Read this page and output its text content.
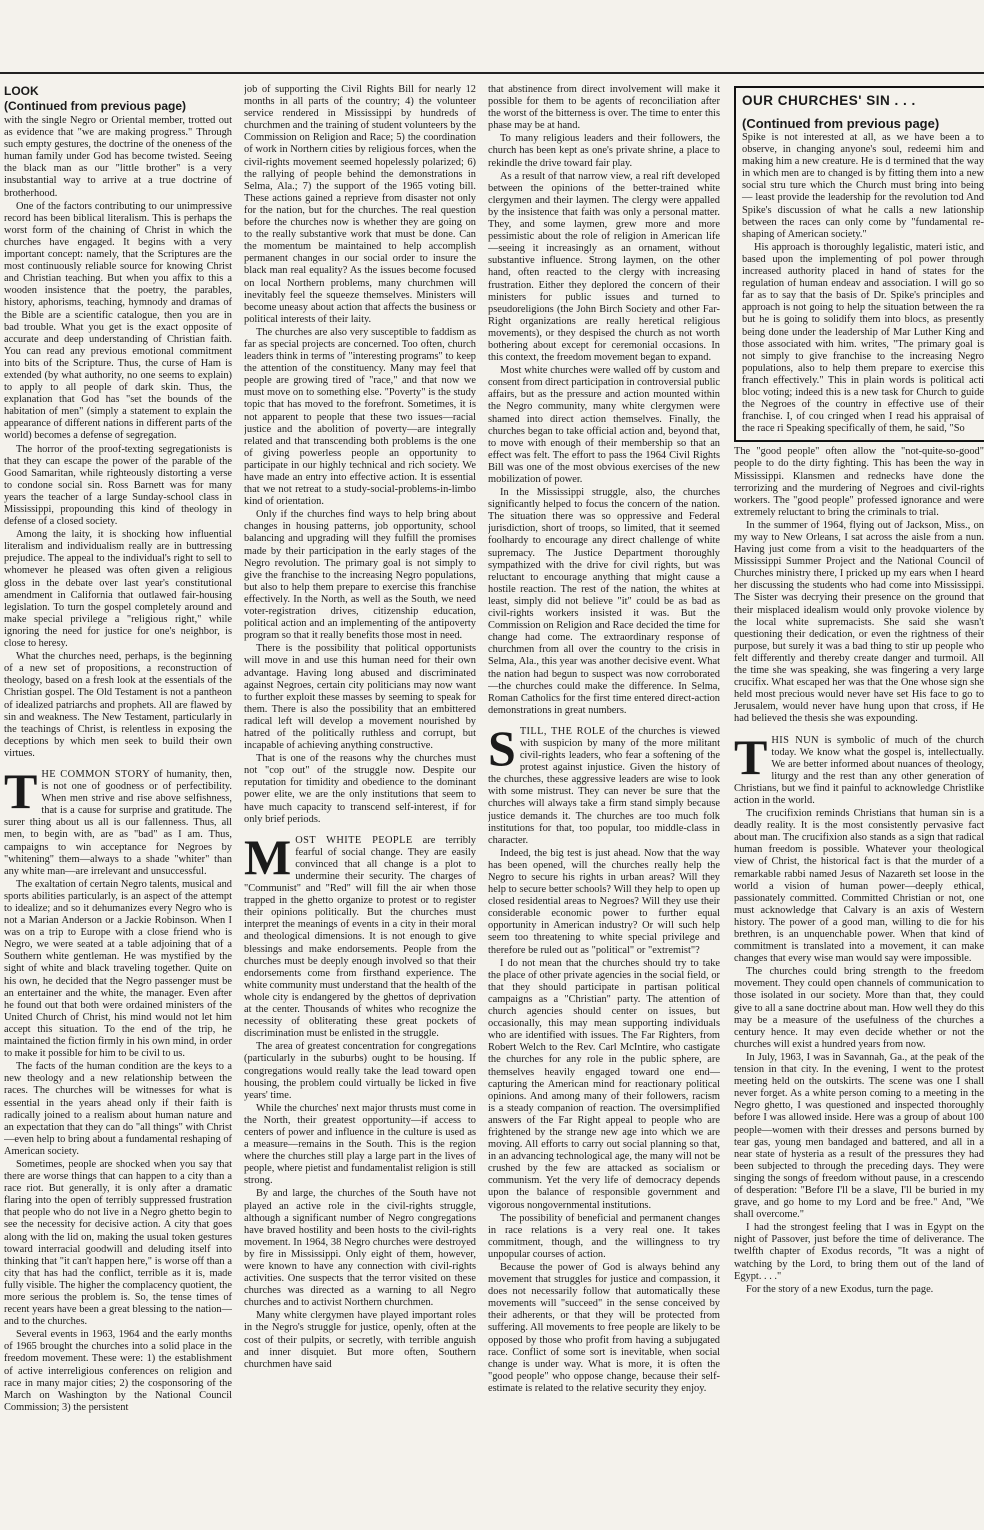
LOOK

(Continued from previous page)

with the single Negro or Oriental member, trotted out as evidence that "we are making progress." Through such empty gestures, the doctrine of the oneness of the human family under God has become twisted. Seeing the black man as our "little brother" is a very insubstantial way to arrive at a true doctrine of brotherhood.

One of the factors contributing to our unimpressive record has been biblical literalism. This is perhaps the worst form of the chaining of Christ in which the churches have engaged. It begins with a very important concept: namely, that the Scriptures are the most continuously reliable source for knowing Christ and Christian teaching. But when you affix to this a wooden insistence that the poetry, the parables, history, aphorisms, teaching, hymnody and dramas of the Bible are a scientific catalogue, then you are in bad trouble. What you get is the exact opposite of accurate and deep understanding of Christian faith. You can read any previous emotional commitment into bits of the Scripture. Thus, the curse of Ham is extended (by what authority, no one seems to explain) to apply to all people of dark skin. Thus, the explanation that God has "set the bounds of the habitation of men" (simply a statement to explain the appearance of different nations in different parts of the world) becomes a defense of segregation.

The horror of the proof-texting segregationists is that they can escape the power of the parable of the Good Samaritan, while righteously distorting a verse to condone social sin. Ross Barnett was for many years the teacher of a large Sunday-school class in Mississippi, propounding this kind of theology in defense of a closed society.

Among the laity, it is shocking how influential literalism and individualism really are in buttressing prejudice. The appeal to the individual's right to sell to whomever he pleased was often given a religious gloss in the debate over last year's constitutional amendment in California that outlawed fair-housing legislation. To turn the gospel completely around and make special privilege a "religious right," while ignoring the need for justice for one's neighbor, is close to heresy.

What the churches need, perhaps, is the beginning of a new set of propositions, a reconstruction of theology, based on a fresh look at the essentials of the Christian gospel. The Old Testament is not a pantheon of idealized patriarchs and prophets. All are flawed by sin and weakness. The New Testament, particularly in the teachings of Christ, is relentless in exposing the deceptions by which men seek to build their own virtues.

THE COMMON STORY of humanity, then, is not one of goodness or of perfectibility. When men strive and rise above selfishness, that is a cause for surprise and gratitude. The surer thing about us all is our fallenness. Thus, all men, to begin with, are as "bad" as I am. Thus, campaigns to win acceptance for Negroes by "whitening" them—always to a shade "whiter" than any white man—are irrelevant and unsuccessful.

The exaltation of certain Negro talents, musical and sports abilities particularly, is an aspect of the attempt to idealize; and so it dehumanizes every Negro who is not a Marian Anderson or a Jackie Robinson. When I was on a trip to Europe with a close friend who is Negro, we were seated at a table adjoining that of a Southern white gentleman. He was mystified by the sight of white and black traveling together. Quite on his own, he decided that the Negro passenger must be an entertainer and the white, the manager. Even after he found out that both were ordained ministers of the United Church of Christ, his mind would not let him accept this situation. To the end of the trip, he maintained the fiction firmly in his own mind, in order to make it possible for him to be civil to us.

The facts of the human condition are the keys to a new theology and a new relationship between the races. The churches will be witnesses for what is essential in the years ahead only if their faith is radically joined to a realism about human nature and an expectation that they can do "all things" with Christ—even help to bring about a fundamental reshaping of American society.

Sometimes, people are shocked when you say that there are worse things that can happen to a city than a race riot. But generally, it is only after a dramatic flaring into the open of terribly suppressed frustration that people who do not live in a Negro ghetto begin to see the necessity for decisive action. A city that goes along with the lid on, making the usual token gestures toward interracial goodwill and deluding itself into thinking that "it can't happen here," is worse off than a city that has had the conflict, terrible as it is, made fully visible. The higher the complacency quotient, the more serious the problem is. So, the tense times of recent years have been a great blessing to the nation—and to the churches.

Several events in 1963, 1964 and the early months of 1965 brought the churches into a solid place in the freedom movement. These were: 1) the establishment of active interreligious conferences on religion and race in many major cities; 2) the cosponsoring of the March on Washington by the National Council Commission; 3) the persistent

job of supporting the Civil Rights Bill for nearly 12 months in all parts of the country; 4) the volunteer service rendered in Mississippi by hundreds of churchmen and the training of student volunteers by the Commission on Religion and Race; 5) the coordination of work in Northern cities by religious forces, when the civil-rights movement seemed hopelessly polarized; 6) the rallying of people behind the demonstrations in Selma, Ala.; 7) the support of the 1965 voting bill. These actions gained a reprieve from disaster not only for the nation, but for the churches. The real question before the churches now is whether they are going on to the really substantive work that must be done. Can the momentum be maintained to help accomplish permanent changes in our social order to insure the black man real equality? As the issues become focused on local Northern problems, many churchmen will inevitably feel the squeeze themselves. Ministers will become uneasy about action that affects the business or political interests of their laity.

The churches are also very susceptible to faddism as far as special projects are concerned. Too often, church leaders think in terms of "interesting programs" to keep the attention of the constituency. Many may feel that people are growing tired of "race," and that now we must move on to something else. "Poverty" is the study topic that has moved to the forefront. Sometimes, it is not apparent to people that these two issues—racial justice and the abolition of poverty—are integrally related and that transcending both problems is the one of giving powerless people an opportunity to participate in our highly technical and rich society. We have made an entry into effective action. It is essential that we not retreat to a study-social-problems-in-limbo kind of orientation.

Only if the churches find ways to help bring about changes in housing patterns, job opportunity, school balancing and upgrading will they fulfill the promises made by their participation in the early stages of the Negro revolution. The primary goal is not simply to give the franchise to the increasing Negro populations, but also to help them prepare to exercise this franchise effectively. In the North, as well as the South, we need voter-registration drives, citizenship education, political action and an implementing of the antipoverty program so that it really benefits those most in need.

There is the possibility that political opportunists will move in and use this human need for their own advantage. Having long abused and discriminated against Negroes, certain city politicians may now want to further exploit these masses by seeming to speak for them. There is also the possibility that an embittered radical left will develop a movement nourished by hatred of the politically ruthless and corrupt, but incapable of achieving anything constructive.

That is one of the reasons why the churches must not "cop out" of the struggle now. Despite our reputation for timidity and obedience to the dominant power elite, we are the only institutions that seem to have much capacity to transcend self-interest, if for only brief periods.

MOST WHITE PEOPLE are terribly fearful of social change. They are easily convinced that all change is a plot to undermine their security. The charges of "Communist" and "Red" will fill the air when those trapped in the ghetto organize to protest or to register their opinions politically. But the churches must interpret the meanings of events in a city in their moral and theological dimensions. It is not enough to give blessings and make endorsements. People from the churches must be deeply enough involved so that their endorsements come from firsthand experience. The white community must understand that the health of the whole city is endangered by the ghettos of deprivation at the center. Thousands of whites who recognize the necessity of obliterating these great pockets of discrimination must be enlisted in the struggle.

The area of greatest concentration for congregations (particularly in the suburbs) ought to be housing. If congregations would really take the lead toward open housing, the problem could virtually be licked in five years' time.

While the churches' next major thrusts must come in the North, their greatest opportunity—if access to centers of power and influence in the culture is used as a measure—remains in the South. This is the region where the churches still play a large part in the lives of people, where pietist and fundamentalist religion is still strong.

By and large, the churches of the South have not played an active role in the civil-rights struggle, although a significant number of Negro congregations have braved hostility and been hosts to the civil-rights movement. In 1964, 38 Negro churches were destroyed by fire in Mississippi. Only eight of them, however, were known to have any connection with civil-rights activities. One suspects that the terror visited on these churches was directed as a warning to all Negro churches and to activist Northern churchmen.

Many white clergymen have played important roles in the Negro's struggle for justice, openly, often at the cost of their pulpits, or secretly, with terrible anguish and inner disquiet. But more often, Southern churchmen have said

that abstinence from direct involvement will make it possible for them to be agents of reconciliation after the worst of the bitterness is over. The time to enter this phase may be at hand.

To many religious leaders and their followers, the church has been kept as one's private shrine, a place to rekindle the drive toward fair play.

As a result of that narrow view, a real rift developed between the opinions of the better-trained white clergymen and their laymen. The clergy were appalled by the insistence that faith was only a personal matter. They, and some laymen, grew more and more pessimistic about the role of religion in American life—seeing it increasingly as an ornament, without substantive influence. Strong laymen, on the other hand, often reacted to the clergy with increasing frustration. Either they deplored the concern of their ministers for public issues and turned to pseudoreligions (the John Birch Society and other Far-Right organizations are really heretical religious movements), or they despised the church as not worth bothering about except for ceremonial occasions. In this context, the freedom movement began to expand.

Most white churches were walled off by custom and consent from direct participation in controversial public affairs, but as the pressure and action mounted within the Negro community, many white clergymen were shamed into direct action themselves. Finally, the churches began to take official action and, beyond that, to move with enough of their membership so that an effect was felt. The effort to pass the 1964 Civil Rights Bill was one of the most obvious exercises of the new mobilization of power.

In the Mississippi struggle, also, the churches significantly helped to focus the concern of the nation. The situation there was so oppressive and Federal jurisdiction, short of troops, so limited, that it seemed foolhardy to encourage any direct challenge of white supremacy. The Justice Department thoroughly sympathized with the drive for civil rights, but was reluctant to encourage anything that might cause a hostile reaction. The rest of the nation, the whites at least, simply did not believe "it" could be as bad as civil-rights workers insisted it was. But the Commission on Religion and Race decided the time for change had come. The extraordinary response of churchmen from all over the country to the crisis in Selma, Ala., this year was another decisive event. What the nation had begun to suspect was now corroborated—the churches could make the difference. In Selma, Roman Catholics for the first time entered direct-action demonstrations in great numbers.

STILL, THE ROLE of the churches is viewed with suspicion by many of the more militant civil-rights leaders, who fear a softening of the protest against injustice. Given the history of the churches, these aggressive leaders are wise to look with some mistrust. They can never be sure that the churches will always take a firm stand simply because justice demands it. The churches are too much folk institutions for that, too popular, too middle-class in character.

Indeed, the big test is just ahead. Now that the way has been opened, will the churches really help the Negro to secure his rights in urban areas? Will they help to secure better schools? Will they help to open up closed residential areas to Negroes? Will they use their considerable economic power to further equal opportunity in American industry? Or will such help seem too threatening to white special privilege and therefore be ruled out as "political" or "extremist"?

I do not mean that the churches should try to take the place of other private agencies in the social field, or that they should participate in partisan political campaigns as a "Christian" party. The attention of church agencies should center on issues, but occasionally, this may mean supporting individuals who are identified with issues. The Far Righters, from Robert Welch to the Rev. Carl McIntire, who castigate the churches for any role in the public sphere, are themselves heavily engaged toward one end—capturing the American mind for reactionary political opinions. And among many of their followers, racism is a steady companion of reaction. The oversimplified answers of the Far Right appeal to people who are frightened by the strange new age into which we are moving. All efforts to carry out social planning so that, in an advancing technological age, the many will not be crushed by the few are attacked as socialism or communism. Yet the very life of democracy depends upon the balance of responsible government and vigorous nongovernmental institutions.

The possibility of beneficial and permanent changes in race relations is a very real one. It takes commitment, though, and the willingness to try unpopular courses of action.

Because the power of God is always behind any movement that struggles for justice and compassion, it does not necessarily follow that automatically these movements will "succeed" in the sense conceived by their adherents, or that they will be protected from suffering. All movements to free people are likely to be opposed by those who profit from having a subjugated race. Conflict of some sort is inevitable, when social change is under way. What is more, it is often the "good people" who oppose change, because their self-estimate is related to the relative security they enjoy.

OUR CHURCHES' SIN . . .

(Continued from previous page)

Spike is not interested at all, as we have been a to observe, in changing anyone's soul, redeemi him and making him a new creature. He is d termined that the way in which men are to changed is by fitting them into a new social stru ture which the Church must bring into being — least provide the leadership for the revolution tod And Spike's discussion of what he calls a new lationship between the races can only come by "fundamental re-shaping of American society."

His approach is thoroughly legalistic, materi istic, and based upon the implementing of pol power through increased authority placed in hand of states for the regulation of human endeav and association. I will go so far as to say that the basis of Dr. Spike's principles and approach is not going to help the situation between the ra but he is going to solidify them into blocs, as presently being done under the leadership of Mar Luther King and those associated with him. writes, "The primary goal is not simply to give franchise to the increasing Negro populations, also to help them prepare to exercise this franch effectively." This in plain words is political acti bloc voting; indeed this is a new task for Church to guide the Negroes of the country in effective use of their franchise. I, of cou cringed when I read his appraisal of the race ri Speaking specifically of them, he said, "So

The "good people" often allow the "not-quite-so-good" people to do the dirty fighting. This has been the way in Mississippi. Klansmen and rednecks have done the terrorizing and the murdering of Negroes and civil-rights workers. The "good people" professed ignorance and were extremely reluctant to bring the criminals to trial.

In the summer of 1964, flying out of Jackson, Miss., on my way to New Orleans, I sat across the aisle from a nun. Having just come from a visit to the headquarters of the Mississippi Summer Project and the National Council of Churches ministry there, I pricked up my ears when I heard her discussing the students who had come into Mississippi. The Sister was decrying their presence on the ground that their misplaced idealism would only provoke violence by the local white supremacists. She said she wasn't questioning their dedication, or even the rightness of their purpose, but surely it was a bad thing to stir up people who felt differently and thereby create danger and turmoil. All the time she was speaking, she was fingering a very large crucifix. What escaped her was that the One whose sign she held most precious would never have set His face to go to Jerusalem, would never have hung upon that cross, if He had believed the thesis she was expounding.

THIS NUN is symbolic of much of the church today. We know what the gospel is, intellectually. We are better informed about nuances of theology, liturgy and the rest than any other generation of Christians, but we find it painful to acknowledge Christlike action in the world.

The crucifixion reminds Christians that human sin is a deadly reality. It is the most consistently pervasive fact about man. The crucifixion also stands as a sign that radical human freedom is possible. Whatever your theological view of Christ, the historical fact is that the murder of a remarkable rabbi named Jesus of Nazareth set loose in the world a vision of human power—deeply ethical, passionately committed. Committed Christian or not, one must acknowledge that Calvary is an axis of Western history. The power of a good man, willing to die for his brethren, is an unquenchable power. When that kind of commitment is translated into a movement, it can make changes that every wise man would say were impossible.

The churches could bring strength to the freedom movement. They could open channels of communication to those isolated in our society. More than that, they could give to all a sane doctrine about man. How well they do this may be a measure of the usefulness of the churches a century hence. It may even decide whether or not the churches will exist a hundred years from now.

In July, 1963, I was in Savannah, Ga., at the peak of the tension in that city. In the evening, I went to the protest meeting held on the outskirts. The scene was one I shall never forget. As a white person coming to a meeting in the Negro ghetto, I was questioned and inspected thoroughly before I was allowed inside. Here was a group of about 100 people—women with their dresses and persons burned by tear gas, young men bandaged and battered, and all in a near state of hysteria as a result of the pressures they had been subjected to through the preceding days. They were singing the songs of freedom without pause, in a crescendo of desperation: "Before I'll be a slave, I'll be buried in my grave, and go home to my Lord and be free." And, "We shall overcome."

I had the strongest feeling that I was in Egypt on the night of Passover, just before the time of deliverance. The twelfth chapter of Exodus records, "It was a night of watching by the Lord, to bring them out of the land of Egypt. . . ."

For the story of a new Exodus, turn the page.
